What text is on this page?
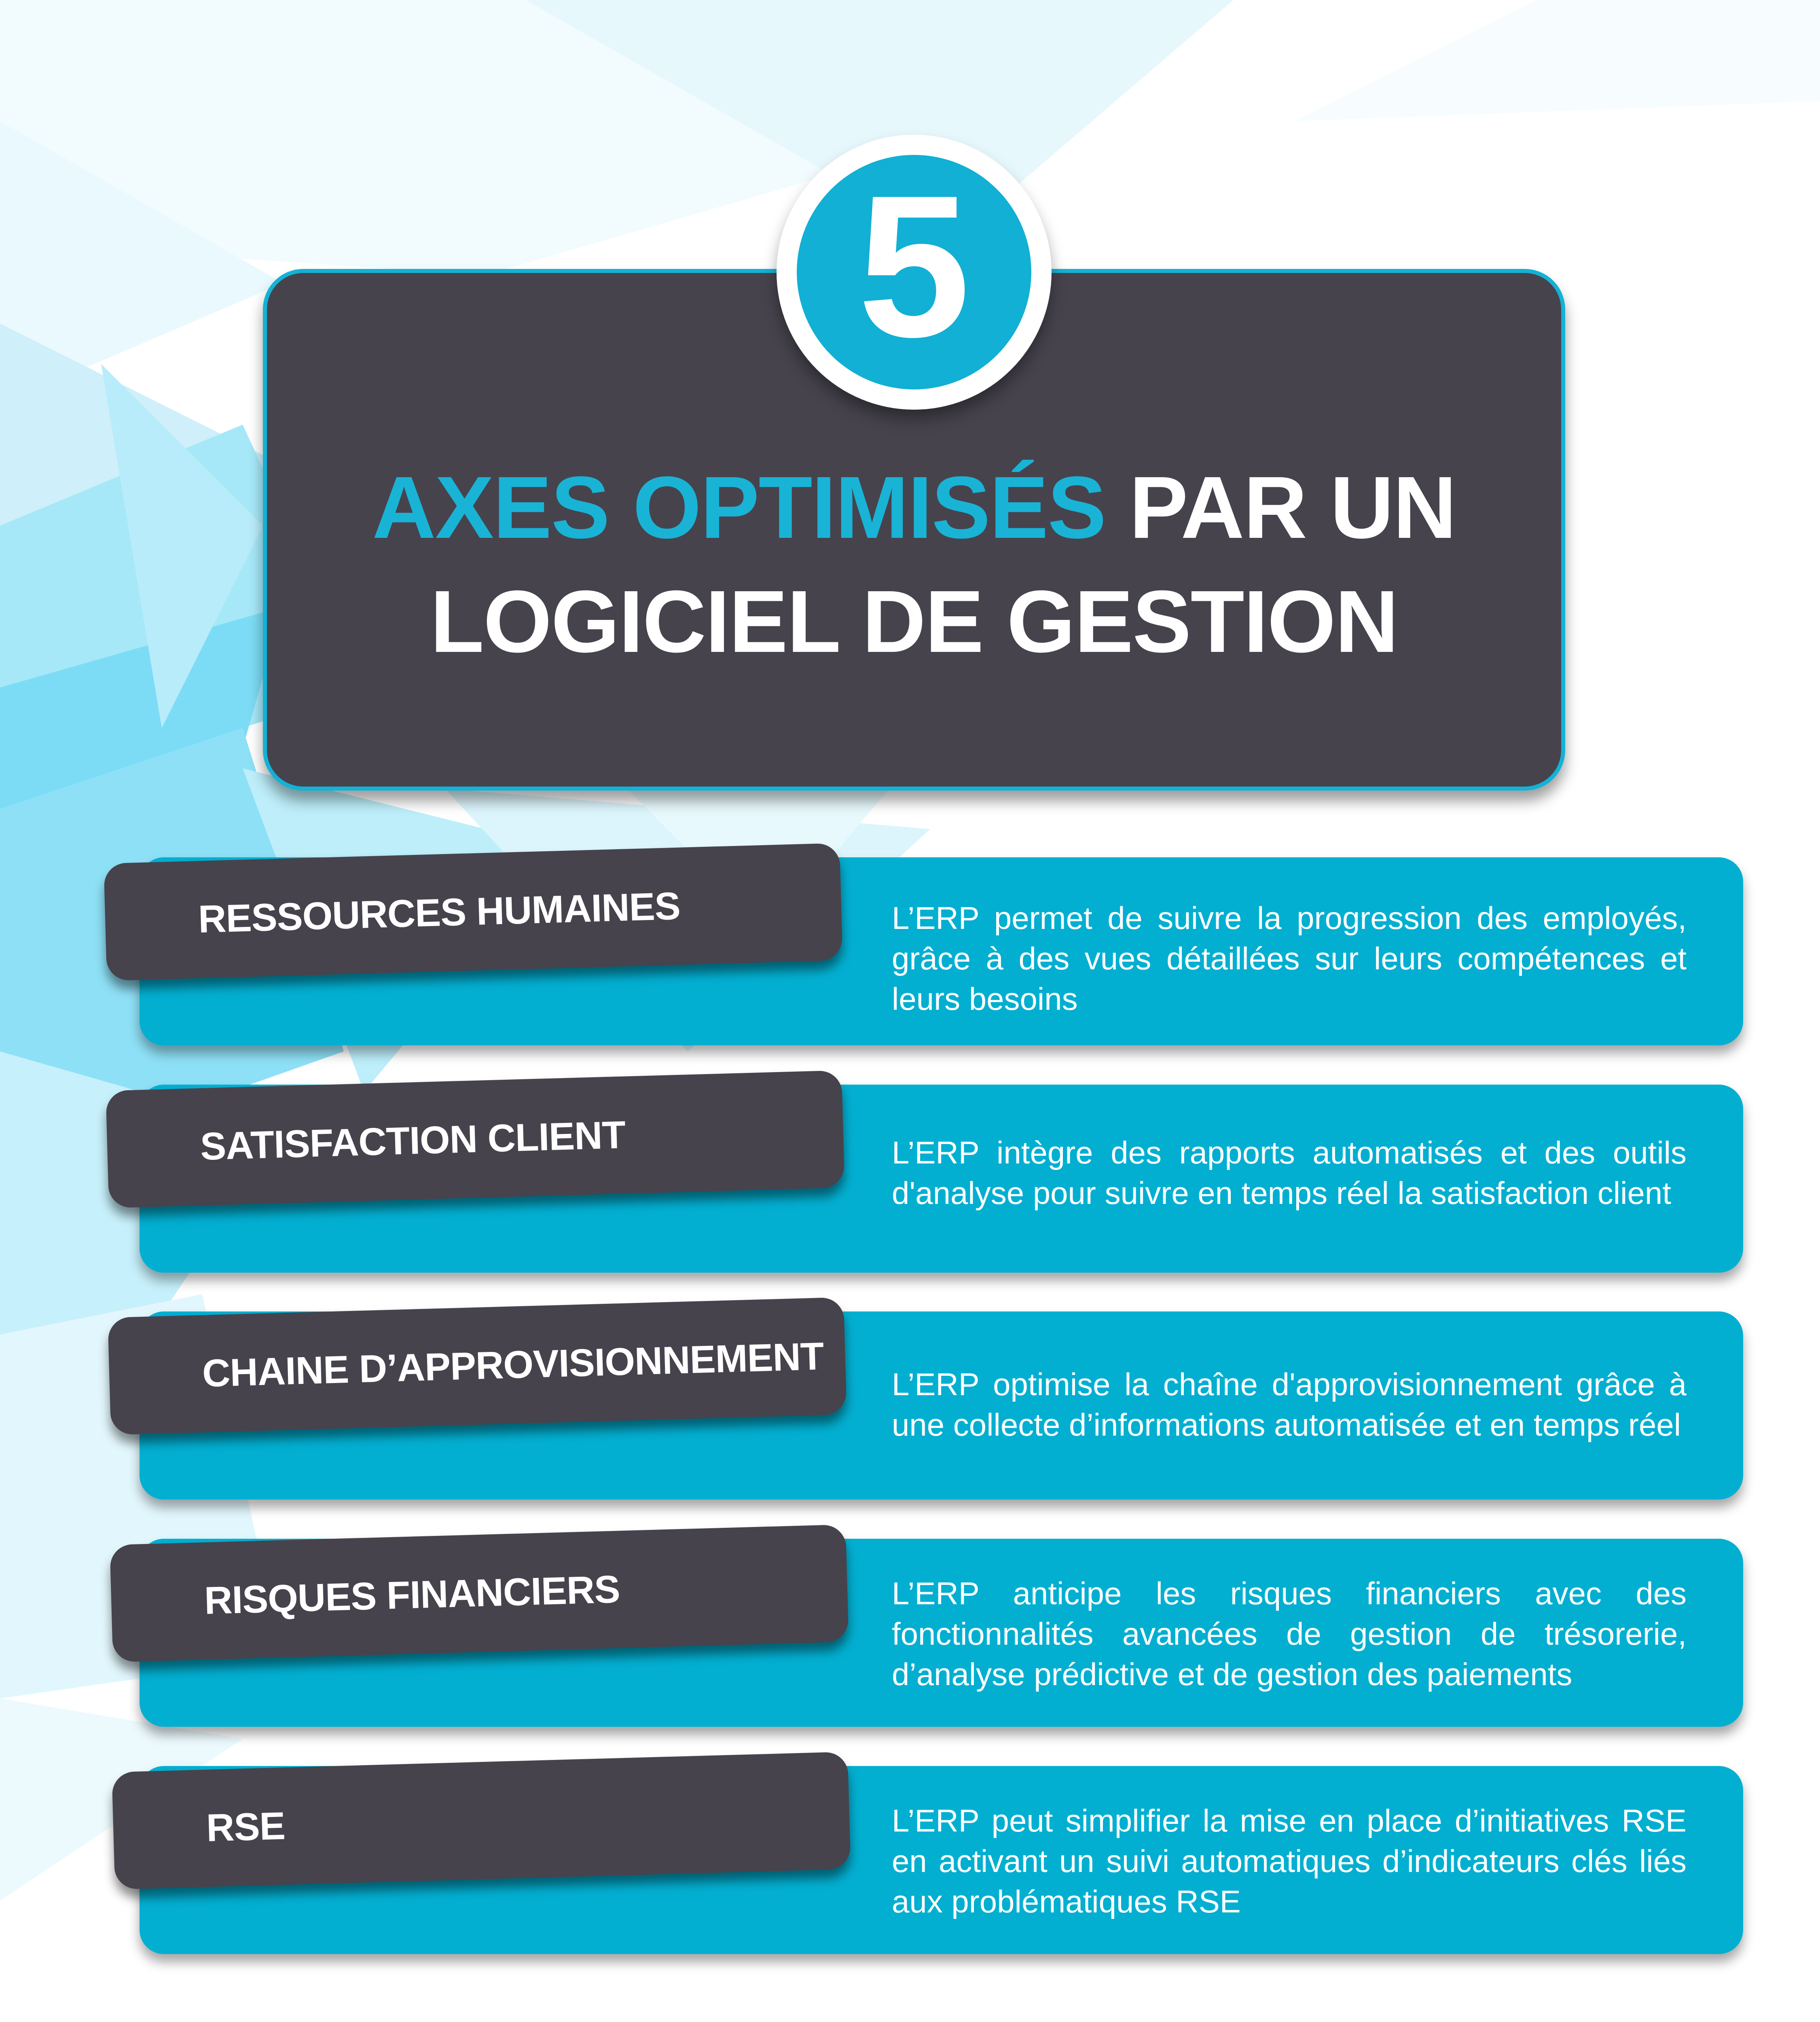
5
AXES OPTIMISÉS PAR UN
LOGICIEL DE GESTION
L’ERP permet de suivre la progression des employés, grâce à des vues détaillées sur leurs compétences et leurs besoins
RESSOURCES HUMAINES
L’ERP intègre des rapports automatisés et des outils d'analyse pour suivre en temps réel la satisfaction client
SATISFACTION CLIENT
L’ERP optimise la chaîne d'approvisionnement grâce à une collecte d’informations automatisée et en temps réel
CHAINE D’APPROVISIONNEMENT
L’ERP anticipe les risques financiers avec des fonctionnalités avancées de gestion de trésorerie, d’analyse prédictive et de gestion des paiements
RISQUES FINANCIERS
L’ERP peut simplifier la mise en place d’initiatives RSE en activant un suivi automatiques d’indicateurs clés liés aux problématiques RSE
RSE
